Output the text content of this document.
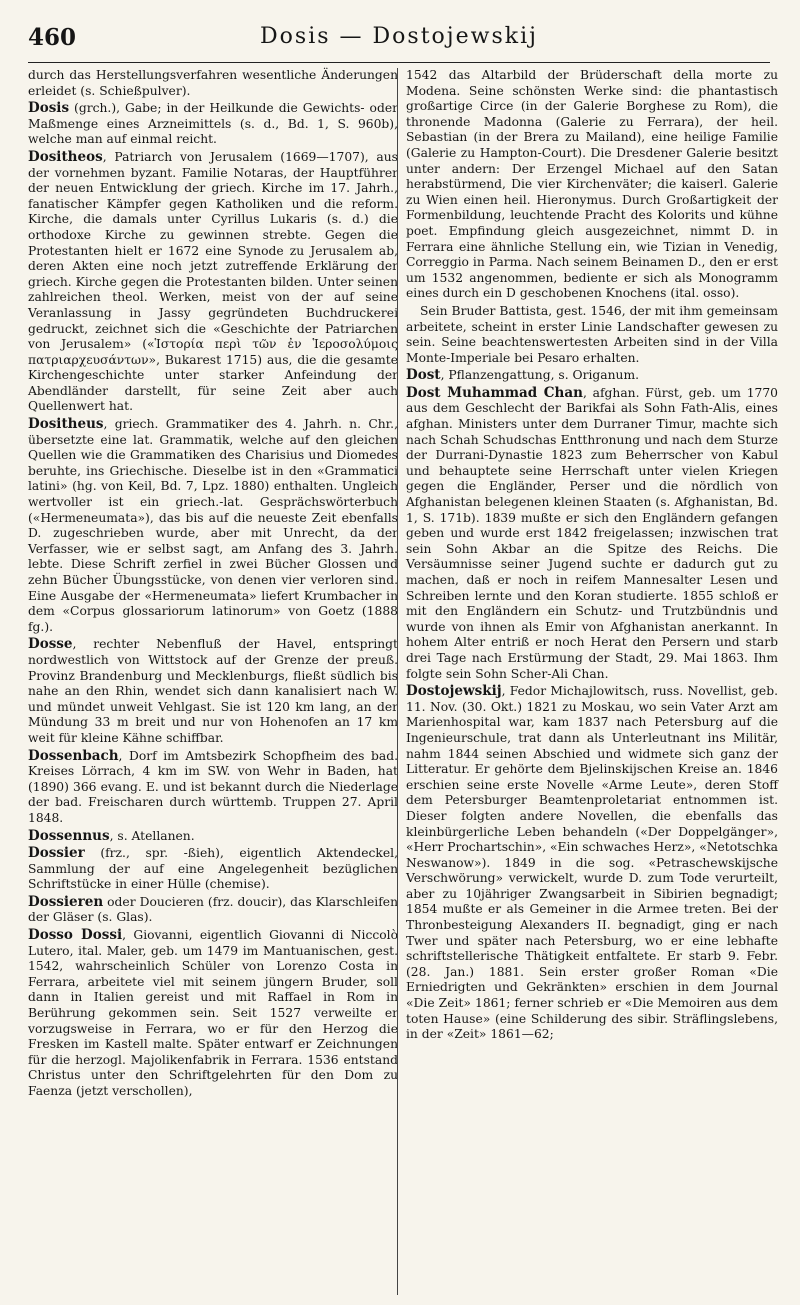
460	Dosis — Dostojewskij

durch das Herstellungsverfahren wesentliche Änderungen erleidet (s. Schießpulver).

Dosis (grch.), Gabe; in der Heilkunde die Gewichts- oder Maßmenge eines Arzneimittels (s. d., Bd. 1, S. 960b), welche man auf einmal reicht.

Dositheos, Patriarch von Jerusalem (1669—1707), aus der vornehmen byzant. Familie Notaras, der Hauptführer der neuen Entwicklung der griech. Kirche im 17. Jahrh., fanatischer Kämpfer gegen Katholiken und die reform. Kirche, die damals unter Cyrillus Lukaris (s. d.) die orthodoxe Kirche zu gewinnen strebte. Gegen die Protestanten hielt er 1672 eine Synode zu Jerusalem ab, deren Akten eine noch jetzt zutreffende Erklärung der griech. Kirche gegen die Protestanten bilden. Unter seinen zahlreichen theol. Werken, meist von der auf seine Veranlassung in Jassy gegründeten Buchdruckerei gedruckt, zeichnet sich die «Geschichte der Patriarchen von Jerusalem» («Ἱστορία περὶ τῶν ἐν Ἱεροσολύμοις πατριαρχευσάντων», Bukarest 1715) aus, die die gesamte Kirchengeschichte unter starker Anfeindung der Abendländer darstellt, für seine Zeit aber auch Quellenwert hat.

Dositheus, griech. Grammatiker des 4. Jahrh. n. Chr., übersetzte eine lat. Grammatik, welche auf den gleichen Quellen wie die Grammatiken des Charisius und Diomedes beruhte, ins Griechische. Dieselbe ist in den «Grammatici latini» (hg. von Keil, Bd. 7, Lpz. 1880) enthalten. Ungleich wertvoller ist ein griech.-lat. Gesprächswörterbuch («Hermeneumata»), das bis auf die neueste Zeit ebenfalls D. zugeschrieben wurde, aber mit Unrecht, da der Verfasser, wie er selbst sagt, am Anfang des 3. Jahrh. lebte. Diese Schrift zerfiel in zwei Bücher Glossen und zehn Bücher Übungsstücke, von denen vier verloren sind. Eine Ausgabe der «Hermeneumata» liefert Krumbacher in dem «Corpus glossariorum latinorum» von Goetz (1888 fg.).

Dosse, rechter Nebenfluß der Havel, entspringt nordwestlich von Wittstock auf der Grenze der preuß. Provinz Brandenburg und Mecklenburgs, fließt südlich bis nahe an den Rhin, wendet sich dann kanalisiert nach W. und mündet unweit Vehlgast. Sie ist 120 km lang, an der Mündung 33 m breit und nur von Hohenofen an 17 km weit für kleine Kähne schiffbar.

Dossenbach, Dorf im Amtsbezirk Schopfheim des bad. Kreises Lörrach, 4 km im SW. von Wehr in Baden, hat (1890) 366 evang. E. und ist bekannt durch die Niederlage der bad. Freischaren durch württemb. Truppen 27. April 1848.

Dossennus, s. Atellanen.

Dossier (frz., spr. -ßieh), eigentlich Aktendeckel, Sammlung der auf eine Angelegenheit bezüglichen Schriftstücke in einer Hülle (chemise).

Dossieren oder Doucieren (frz. doucir), das Klarschleifen der Gläser (s. Glas).

Dosso Dossi, Giovanni, eigentlich Giovanni di Niccolò Lutero, ital. Maler, geb. um 1479 im Mantuanischen, gest. 1542, wahrscheinlich Schüler von Lorenzo Costa in Ferrara, arbeitete viel mit seinem jüngern Bruder, soll dann in Italien gereist und mit Raffael in Rom in Berührung gekommen sein. Seit 1527 verweilte er vorzugsweise in Ferrara, wo er für den Herzog die Fresken im Kastell malte. Später entwarf er Zeichnungen für die herzogl. Majolikenfabrik in Ferrara. 1536 entstand Christus unter den Schriftgelehrten für den Dom zu Faenza (jetzt verschollen),

1542 das Altarbild der Brüderschaft della morte zu Modena. Seine schönsten Werke sind: die phantastisch großartige Circe (in der Galerie Borghese zu Rom), die thronende Madonna (Galerie zu Ferrara), der heil. Sebastian (in der Brera zu Mailand), eine heilige Familie (Galerie zu Hampton-Court). Die Dresdener Galerie besitzt unter andern: Der Erzengel Michael auf den Satan herabstürmend, Die vier Kirchenväter; die kaiserl. Galerie zu Wien einen heil. Hieronymus. Durch Großartigkeit der Formenbildung, leuchtende Pracht des Kolorits und kühne poet. Empfindung gleich ausgezeichnet, nimmt D. in Ferrara eine ähnliche Stellung ein, wie Tizian in Venedig, Correggio in Parma. Nach seinem Beinamen D., den er erst um 1532 angenommen, bediente er sich als Monogramm eines durch ein D geschobenen Knochens (ital. osso).

Sein Bruder Battista, gest. 1546, der mit ihm gemeinsam arbeitete, scheint in erster Linie Landschafter gewesen zu sein. Seine beachtenswertesten Arbeiten sind in der Villa Monte-Imperiale bei Pesaro erhalten.

Dost, Pflanzengattung, s. Origanum.

Dost Muhammad Chan, afghan. Fürst, geb. um 1770 aus dem Geschlecht der Barikfai als Sohn Fath-Alis, eines afghan. Ministers unter dem Durraner Timur, machte sich nach Schah Schudschas Entthronung und nach dem Sturze der Durrani-Dynastie 1823 zum Beherrscher von Kabul und behauptete seine Herrschaft unter vielen Kriegen gegen die Engländer, Perser und die nördlich von Afghanistan belegenen kleinen Staaten (s. Afghanistan, Bd. 1, S. 171b). 1839 mußte er sich den Engländern gefangen geben und wurde erst 1842 freigelassen; inzwischen trat sein Sohn Akbar an die Spitze des Reichs. Die Versäumnisse seiner Jugend suchte er dadurch gut zu machen, daß er noch in reifem Mannesalter Lesen und Schreiben lernte und den Koran studierte. 1855 schloß er mit den Engländern ein Schutz- und Trutzbündnis und wurde von ihnen als Emir von Afghanistan anerkannt. In hohem Alter entriß er noch Herat den Persern und starb drei Tage nach Erstürmung der Stadt, 29. Mai 1863. Ihm folgte sein Sohn Scher-Ali Chan.

Dostojewskij, Fedor Michajlowitsch, russ. Novellist, geb. 11. Nov. (30. Okt.) 1821 zu Moskau, wo sein Vater Arzt am Marienhospital war, kam 1837 nach Petersburg auf die Ingenieurschule, trat dann als Unterleutnant ins Militär, nahm 1844 seinen Abschied und widmete sich ganz der Litteratur. Er gehörte dem Bjelinskijschen Kreise an. 1846 erschien seine erste Novelle «Arme Leute», deren Stoff dem Petersburger Beamtenproletariat entnommen ist. Dieser folgten andere Novellen, die ebenfalls das kleinbürgerliche Leben behandeln («Der Doppelgänger», «Herr Prochartschin», «Ein schwaches Herz», «Netotschka Neswanow»). 1849 in die sog. «Petraschewskijsche Verschwörung» verwickelt, wurde D. zum Tode verurteilt, aber zu 10jähriger Zwangsarbeit in Sibirien begnadigt; 1854 mußte er als Gemeiner in die Armee treten. Bei der Thronbesteigung Alexanders II. begnadigt, ging er nach Twer und später nach Petersburg, wo er eine lebhafte schriftstellerische Thätigkeit entfaltete. Er starb 9. Febr. (28. Jan.) 1881. Sein erster großer Roman «Die Erniedrigten und Gekränkten» erschien in dem Journal «Die Zeit» 1861; ferner schrieb er «Die Memoiren aus dem toten Hause» (eine Schilderung des sibir. Sträflingslebens, in der «Zeit» 1861—62;
